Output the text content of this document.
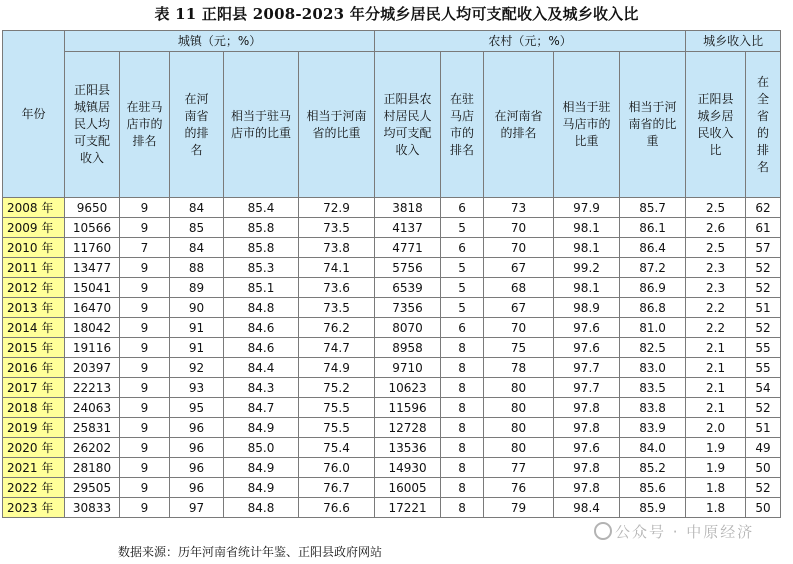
表 11 正阳县 2008-2023 年分城乡居民人均可支配收入及城乡收入比
年份	城镇（元；%）					农村（元；%）					城乡收入比	
	正阳县城镇居民人均可支配收入	在驻马店市的排名	在河南省的排名	相当于驻马店市的比重	相当于河南省的比重	正阳县农村居民人均可支配收入	在驻马店市的排名	在河南省的排名	相当于驻马店市的比重	相当于河南省的比重	正阳县城乡居民收入比	在全省的排名
2008 年	9650	9	84	85.4	72.9	3818	6	73	97.9	85.7	2.5	62
2009 年	10566	9	85	85.8	73.5	4137	5	70	98.1	86.1	2.6	61
2010 年	11760	7	84	85.8	73.8	4771	6	70	98.1	86.4	2.5	57
2011 年	13477	9	88	85.3	74.1	5756	5	67	99.2	87.2	2.3	52
2012 年	15041	9	89	85.1	73.6	6539	5	68	98.1	86.9	2.3	52
2013 年	16470	9	90	84.8	73.5	7356	5	67	98.9	86.8	2.2	51
2014 年	18042	9	91	84.6	76.2	8070	6	70	97.6	81.0	2.2	52
2015 年	19116	9	91	84.6	74.7	8958	8	75	97.6	82.5	2.1	55
2016 年	20397	9	92	84.4	74.9	9710	8	78	97.7	83.0	2.1	55
2017 年	22213	9	93	84.3	75.2	10623	8	80	97.7	83.5	2.1	54
2018 年	24063	9	95	84.7	75.5	11596	8	80	97.8	83.8	2.1	52
2019 年	25831	9	96	84.9	75.5	12728	8	80	97.8	83.9	2.0	51
2020 年	26202	9	96	85.0	75.4	13536	8	80	97.6	84.0	1.9	49
2021 年	28180	9	96	84.9	76.0	14930	8	77	97.8	85.2	1.9	50
2022 年	29505	9	96	84.9	76.7	16005	8	76	97.8	85.6	1.8	52
2023 年	30833	9	97	84.8	76.6	17221	8	79	98.4	85.9	1.8	50
数据来源：历年河南省统计年鉴、正阳县政府网站
公众号 · 中原经济
